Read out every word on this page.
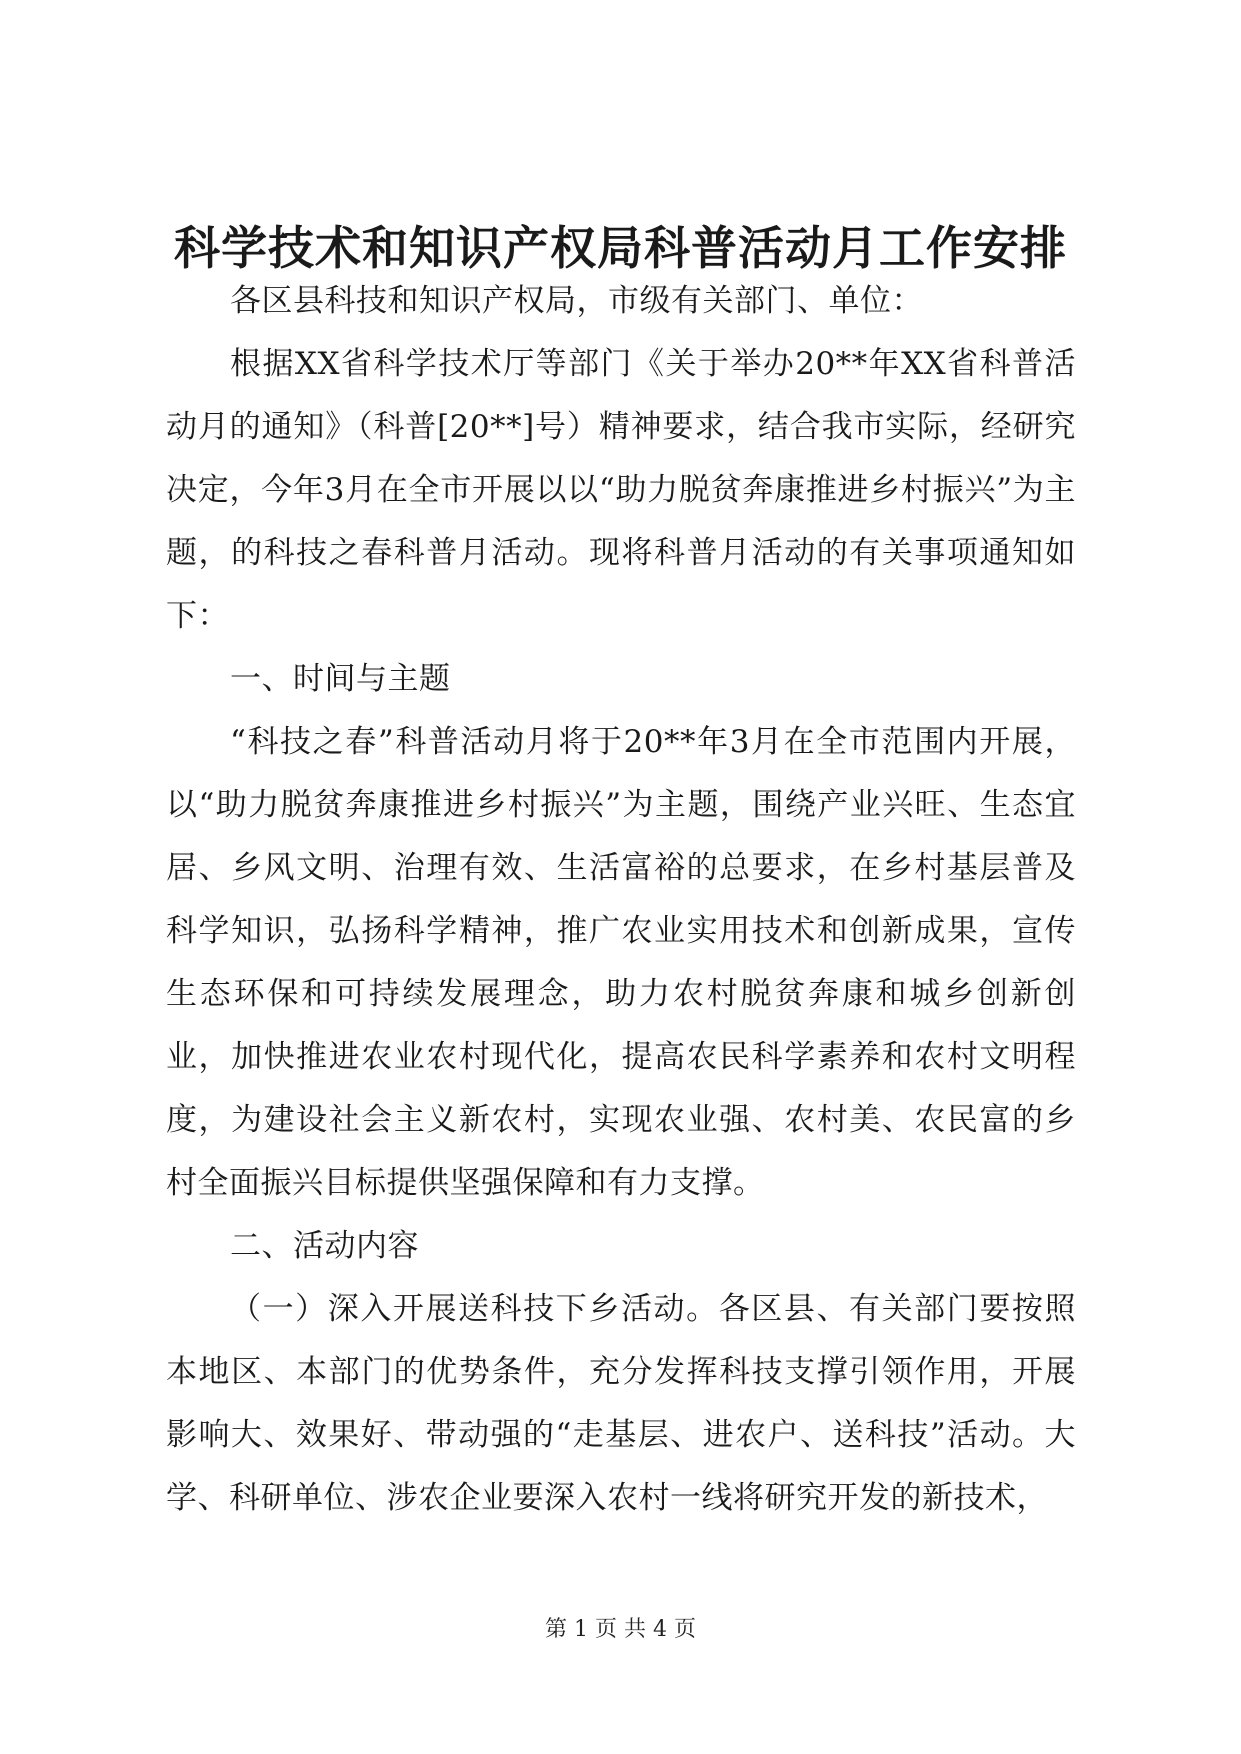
科学技术和知识产权局科普活动月工作安排

各区县科技和知识产权局，市级有关部门、单位：

根据XX省科学技术厅等部门《关于举办20**年XX省科普活动月的通知》（科普[20**]号）精神要求，结合我市实际，经研究决定，今年3月在全市开展以以“助力脱贫奔康推进乡村振兴”为主题，的科技之春科普月活动。现将科普月活动的有关事项通知如下：

一、时间与主题

“科技之春”科普活动月将于20**年3月在全市范围内开展，以“助力脱贫奔康推进乡村振兴”为主题，围绕产业兴旺、生态宜居、乡风文明、治理有效、生活富裕的总要求，在乡村基层普及科学知识，弘扬科学精神，推广农业实用技术和创新成果，宣传生态环保和可持续发展理念，助力农村脱贫奔康和城乡创新创业，加快推进农业农村现代化，提高农民科学素养和农村文明程度，为建设社会主义新农村，实现农业强、农村美、农民富的乡村全面振兴目标提供坚强保障和有力支撑。

二、活动内容

（一）深入开展送科技下乡活动。各区县、有关部门要按照本地区、本部门的优势条件，充分发挥科技支撑引领作用，开展影响大、效果好、带动强的“走基层、进农户、送科技”活动。大学、科研单位、涉农企业要深入农村一线将研究开发的新技术，

第 1 页 共 4 页
